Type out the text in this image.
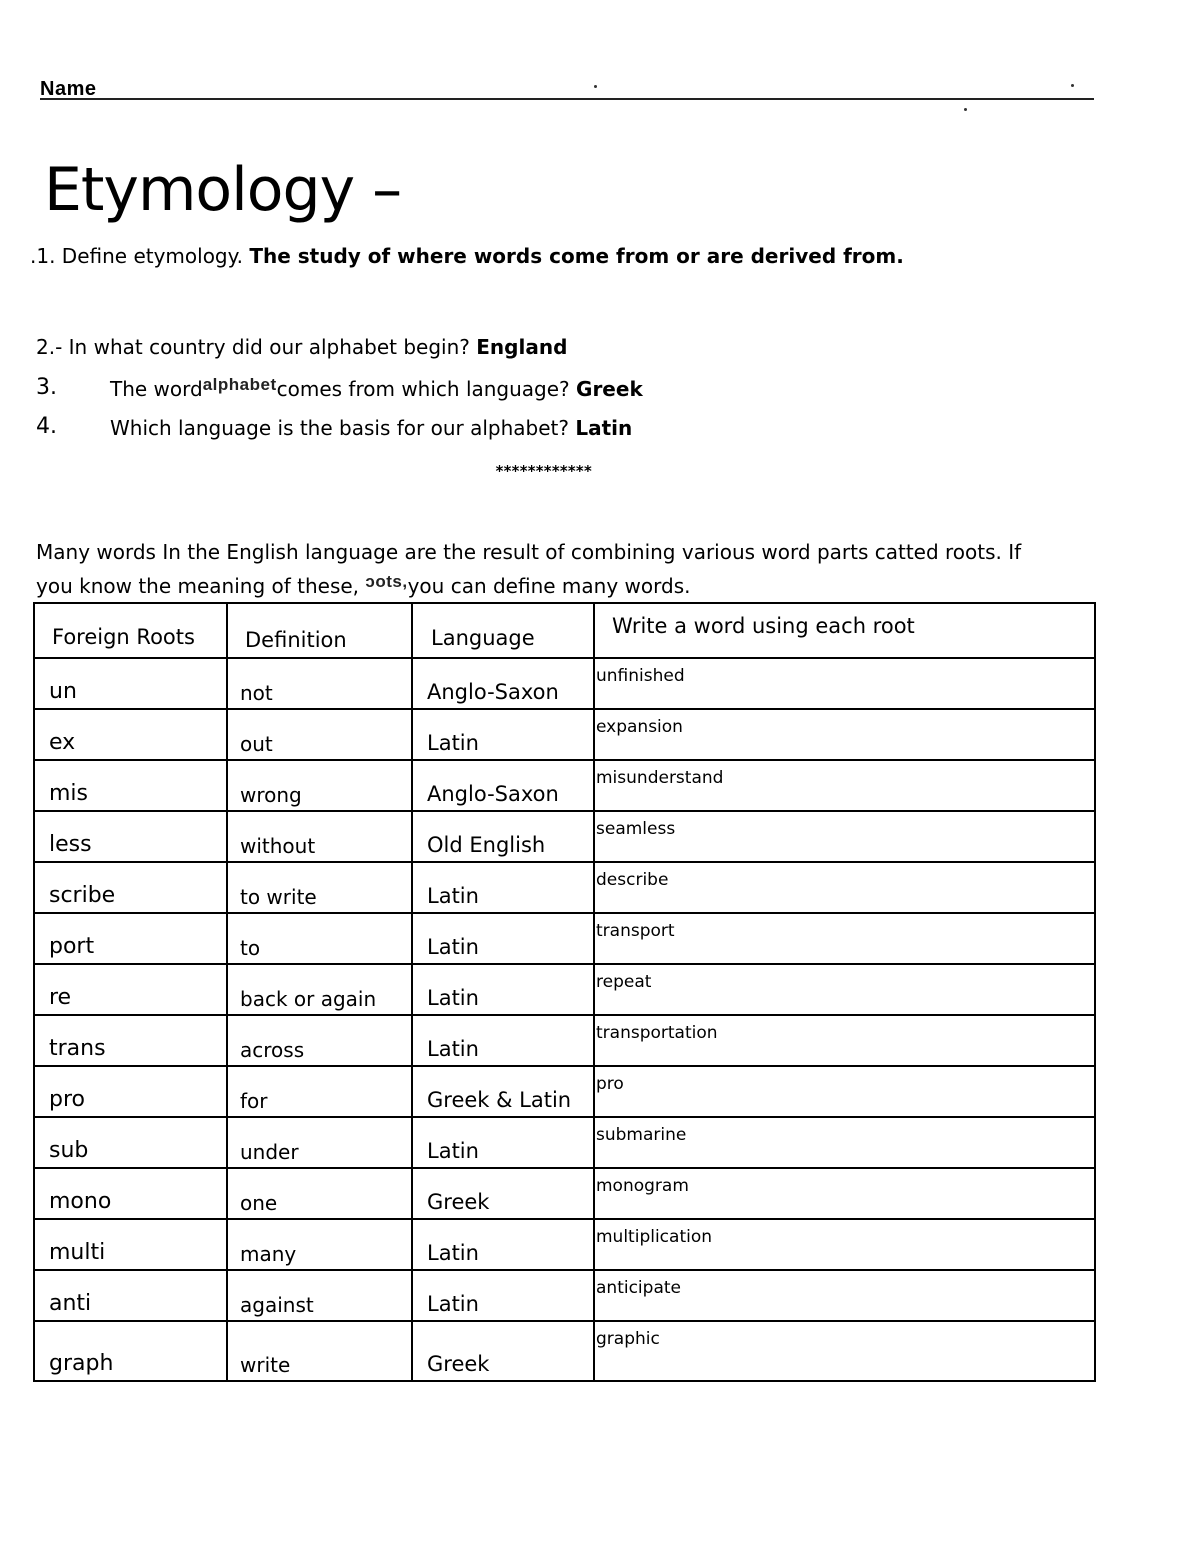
Name
Etymology –
.1. Define etymology. The study of where words come from or are derived from.
2.- In what country did our alphabet begin? England
3.	The word$^{alphabet}$comes from which language? Greek
4.	Which language is the basis for our alphabet? Latin
************
Many words In the English language are the result of combining various word parts catted roots. If
you know the meaning of these, $^{ɔots,}$you can define many words.
Foreign Roots	Definition	Language	Write a word using each root

un	not	Anglo-Saxon	unfinished

ex	out	Latin	expansion

mis	wrong	Anglo-Saxon	misunderstand

less	without	Old English	seamless

scribe	to write	Latin	describe

port	to	Latin	transport

re	back or again	Latin	repeat

trans	across	Latin	transportation

pro	for	Greek & Latin	pro

sub	under	Latin	submarine

mono	one	Greek	monogram

multi	many	Latin	multiplication

anti	against	Latin	anticipate

graph	write	Greek	graphic
